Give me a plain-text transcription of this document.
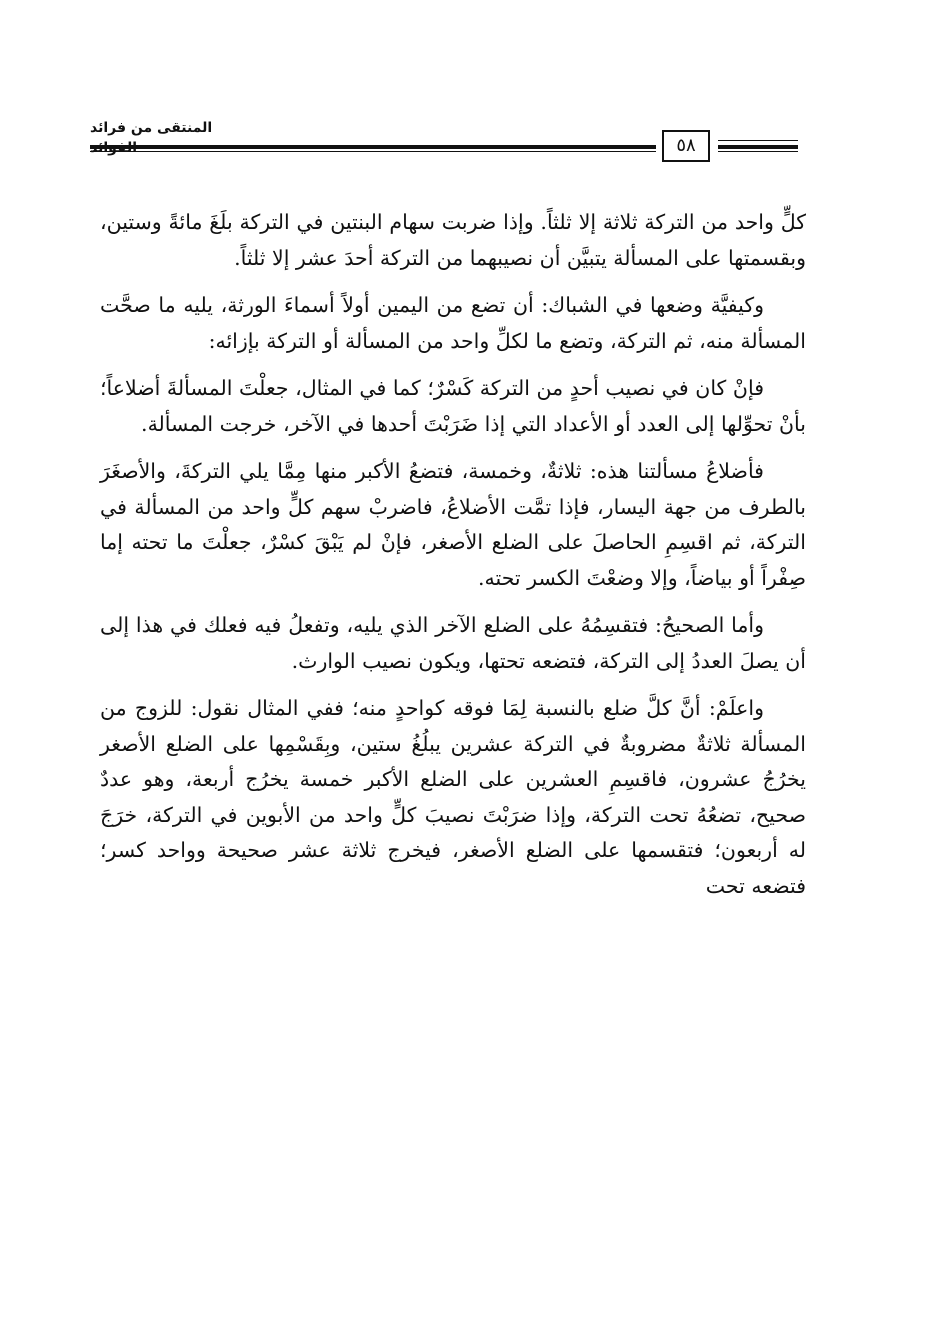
المنتقى من فرائد
٥٨

كلٍّ واحد من التركة ثلاثة إلا ثلثاً. وإذا ضربت سهام البنتين في التركة بلَغَ مائةً وستين، وبقسمتها على المسألة يتبيَّن أن نصيبهما من التركة أحدَ عشر إلا ثلثاً.

وكيفيَّة وضعها في الشباك: أن تضع من اليمين أولاً أسماءَ الورثة، يليه ما صحَّت المسألة منه، ثم التركة، وتضع ما لكلِّ واحد من المسألة أو التركة بإزائه:

فإنْ كان في نصيب أحدٍ من التركة كَسْرٌ؛ كما في المثال، جعلْتَ المسألةَ أضلاعاً؛ بأنْ تحوِّلها إلى العدد أو الأعداد التي إذا ضَرَبْتَ أحدها في الآخر، خرجت المسألة.

فأضلاعُ مسألتنا هذه: ثلاثةٌ، وخمسة، فتضعُ الأكبر منها مِمَّا يلي التركةَ، والأصغَرَ بالطرف من جهة اليسار، فإذا تمَّت الأضلاعُ، فاضربْ سهم كلٍّ واحد من المسألة في التركة، ثم اقسِمِ الحاصلَ على الضلع الأصغر، فإنْ لم يَبْقَ كسْرٌ، جعلْتَ ما تحته إما صِفْراً أو بياضاً، وإلا وضعْتَ الكسر تحته.

وأما الصحيحُ: فتقسِمُهُ على الضلع الآخر الذي يليه، وتفعلُ فيه فعلك في هذا إلى أن يصلَ العددُ إلى التركة، فتضعه تحتها، ويكون نصيب الوارث.

واعلَمْ: أنَّ كلَّ ضلع بالنسبة لِمَا فوقه كواحدٍ منه؛ ففي المثال نقول: للزوج من المسألة ثلاثةٌ مضروبةٌ في التركة عشرين يبلُغُ ستين، وبِقَسْمِها على الضلع الأصغر يخرُجُ عشرون، فاقسِمِ العشرين على الضلع الأكبر خمسة يخرُج أربعة، وهو عددٌ صحيح، تضعُهُ تحت التركة، وإذا ضرَبْتَ نصيبَ كلٍّ واحد من الأبوين في التركة، خرَجَ له أربعون؛ فتقسمها على الضلع الأصغر، فيخرج ثلاثة عشر صحيحة وواحد كسر؛ فتضعه تحت
